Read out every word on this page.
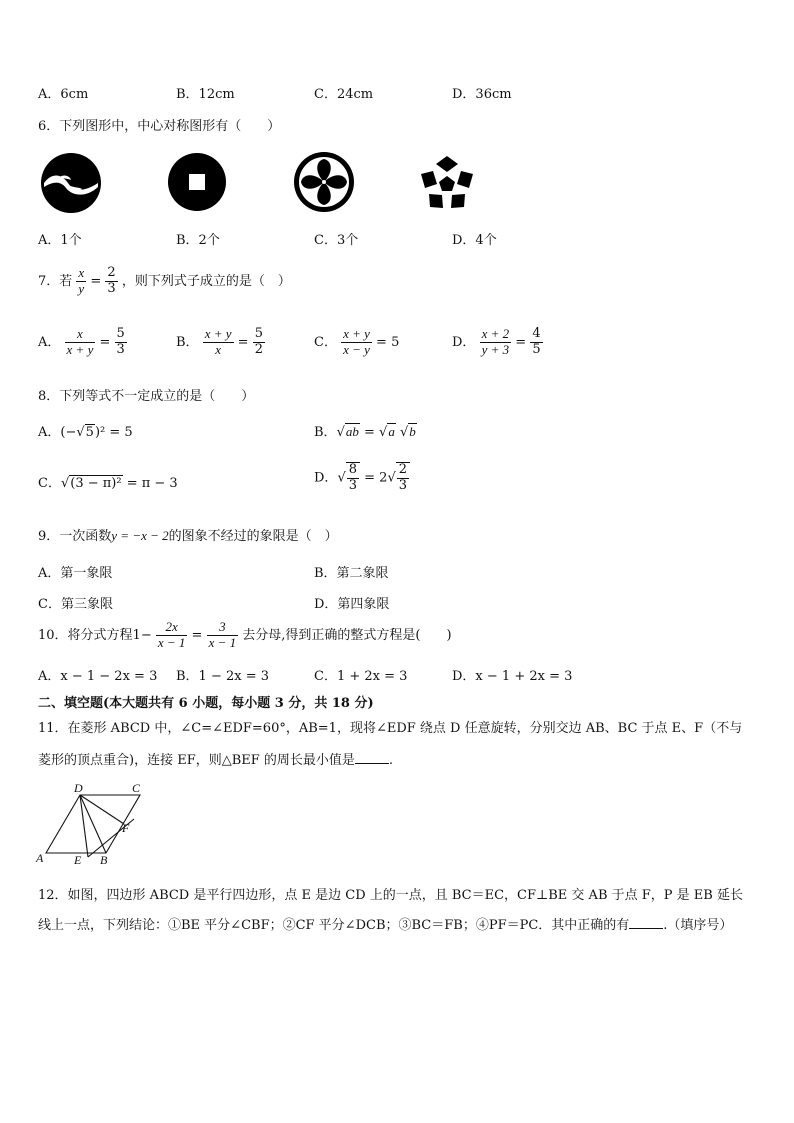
A．6cm	B．12cm	C．24cm	D．36cm
6．下列图形中，中心对称图形有（　　）
A．1个	B．2个	C．3个	D．4个
7．若 $\frac{x}{y} = \frac{2}{3}$ ，则下列式子成立的是（　）
A． $\frac{x}{x + y} = \frac{5}{3}$	B． $\frac{x + y}{x} = \frac{5}{2}$	C． $\frac{x + y}{x - y} = 5$	D． $\frac{x + 2}{y + 3} = \frac{4}{5}$
8．下列等式不一定成立的是（　　）
A．(−√5)² = 5	B．√ab = √a √b
C．√(3 − π)² = π − 3	D．√ $\frac{8}{3} = 2√ \frac{2}{3}$
9．一次函数y = −x − 2的图象不经过的象限是（　）
A．第一象限	B．第二象限
C．第三象限	D．第四象限
10．将分式方程$1- \frac{2x}{x - 1} = \frac{3}{x - 1}$ 去分母,得到正确的整式方程是(　　)
A．x − 1 − 2x = 3 B．1 − 2x = 3	C．1 + 2x = 3	D．x − 1 + 2x = 3
二、填空题(本大题共有 6 小题，每小题 3 分，共 18 分)
11．在菱形 ABCD 中，∠C=∠EDF=60°，AB=1，现将∠EDF 绕点 D 任意旋转，分别交边 AB、BC 于点 E、F（不与
菱形的顶点重合)，连接 EF，则△BEF 的周长最小值是	.
D	C
A	E B
F
12．如图，四边形 ABCD 是平行四边形，点 E 是边 CD 上的一点，且 BC＝EC，CF⊥BE 交 AB 于点 F，P 是 EB 延长
线上一点，下列结论：①BE 平分∠CBF；②CF 平分∠DCB；③BC＝FB；④PF＝PC．其中正确的有	.（填序号）
